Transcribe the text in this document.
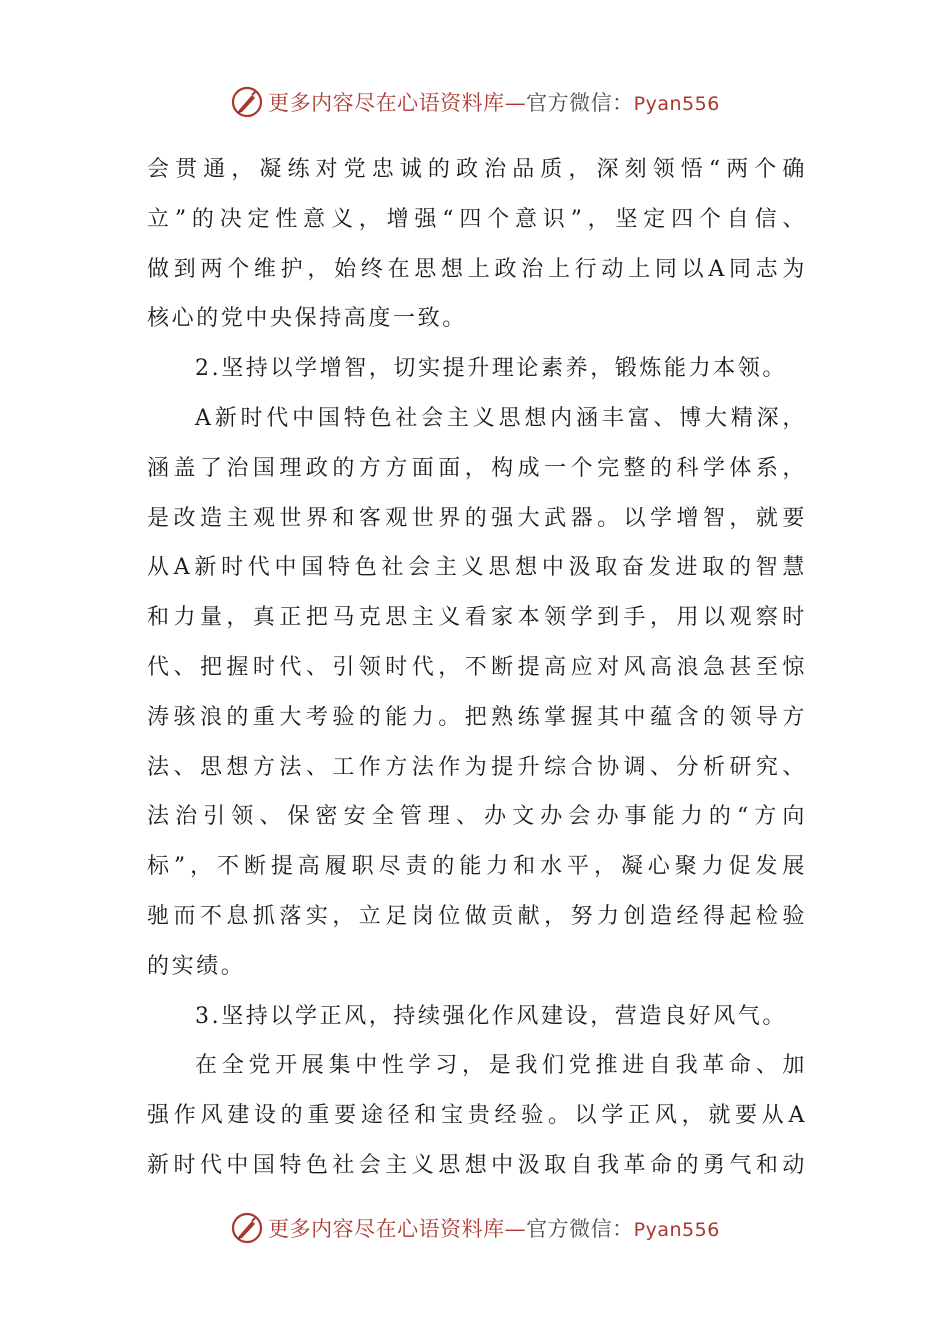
更多内容尽在心语资料库—官方微信：Pyan556
会贯通，凝练对党忠诚的政治品质，深刻领悟“两个确
立”的决定性意义，增强“四个意识”，坚定四个自信、
做到两个维护，始终在思想上政治上行动上同以A同志为
核心的党中央保持高度一致。
2.坚持以学增智，切实提升理论素养，锻炼能力本领。
A新时代中国特色社会主义思想内涵丰富、博大精深，
涵盖了治国理政的方方面面，构成一个完整的科学体系，
是改造主观世界和客观世界的强大武器。以学增智，就要
从A新时代中国特色社会主义思想中汲取奋发进取的智慧
和力量，真正把马克思主义看家本领学到手，用以观察时
代、把握时代、引领时代，不断提高应对风高浪急甚至惊
涛骇浪的重大考验的能力。把熟练掌握其中蕴含的领导方
法、思想方法、工作方法作为提升综合协调、分析研究、
法治引领、保密安全管理、办文办会办事能力的“方向
标”，不断提高履职尽责的能力和水平，凝心聚力促发展
驰而不息抓落实，立足岗位做贡献，努力创造经得起检验
的实绩。
3.坚持以学正风，持续强化作风建设，营造良好风气。
在全党开展集中性学习，是我们党推进自我革命、加
强作风建设的重要途径和宝贵经验。以学正风，就要从A
新时代中国特色社会主义思想中汲取自我革命的勇气和动
更多内容尽在心语资料库—官方微信：Pyan556
